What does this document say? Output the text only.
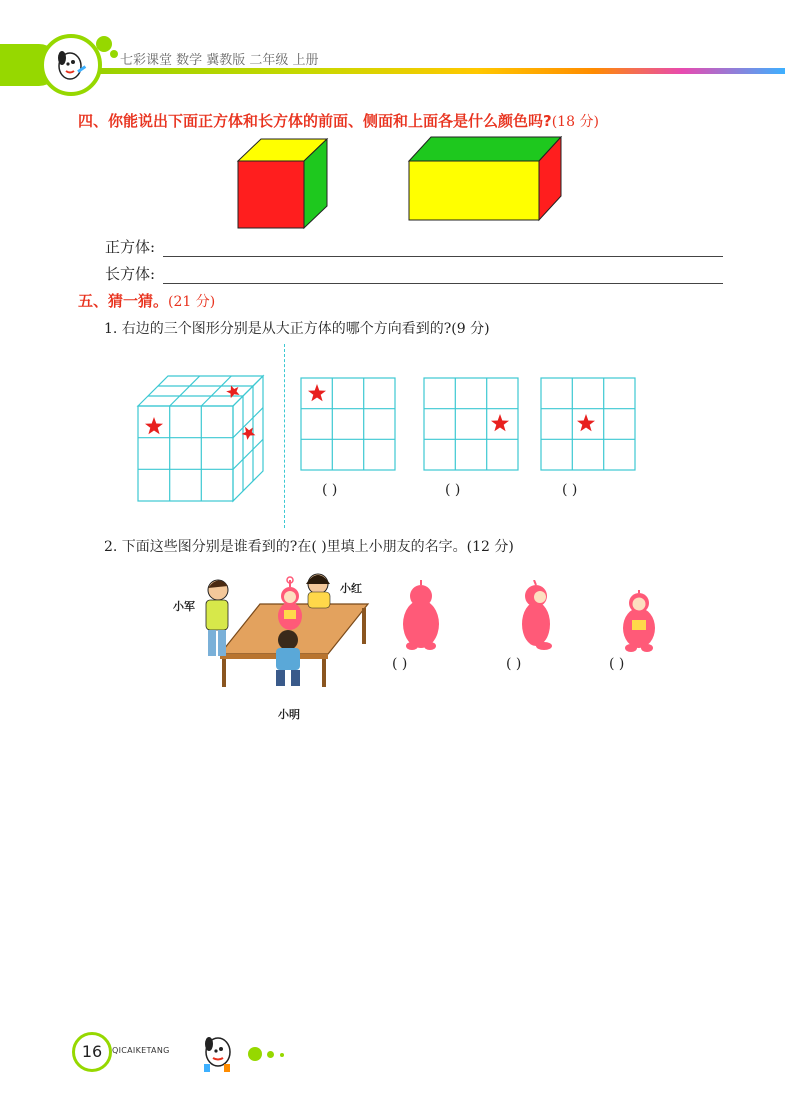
七彩课堂 数学 冀教版 二年级 上册
四、你能说出下面正方体和长方体的前面、侧面和上面各是什么颜色吗?(18 分)
正方体:
长方体:
五、猜一猜。(21 分)
1. 右边的三个图形分别是从大正方体的哪个方向看到的?(9 分)
( )	( )	( )
2. 下面这些图分别是谁看到的?在( )里填上小朋友的名字。(12 分)
小军
小红
小明
( )	( )	( )
16	QICAIKETANG
